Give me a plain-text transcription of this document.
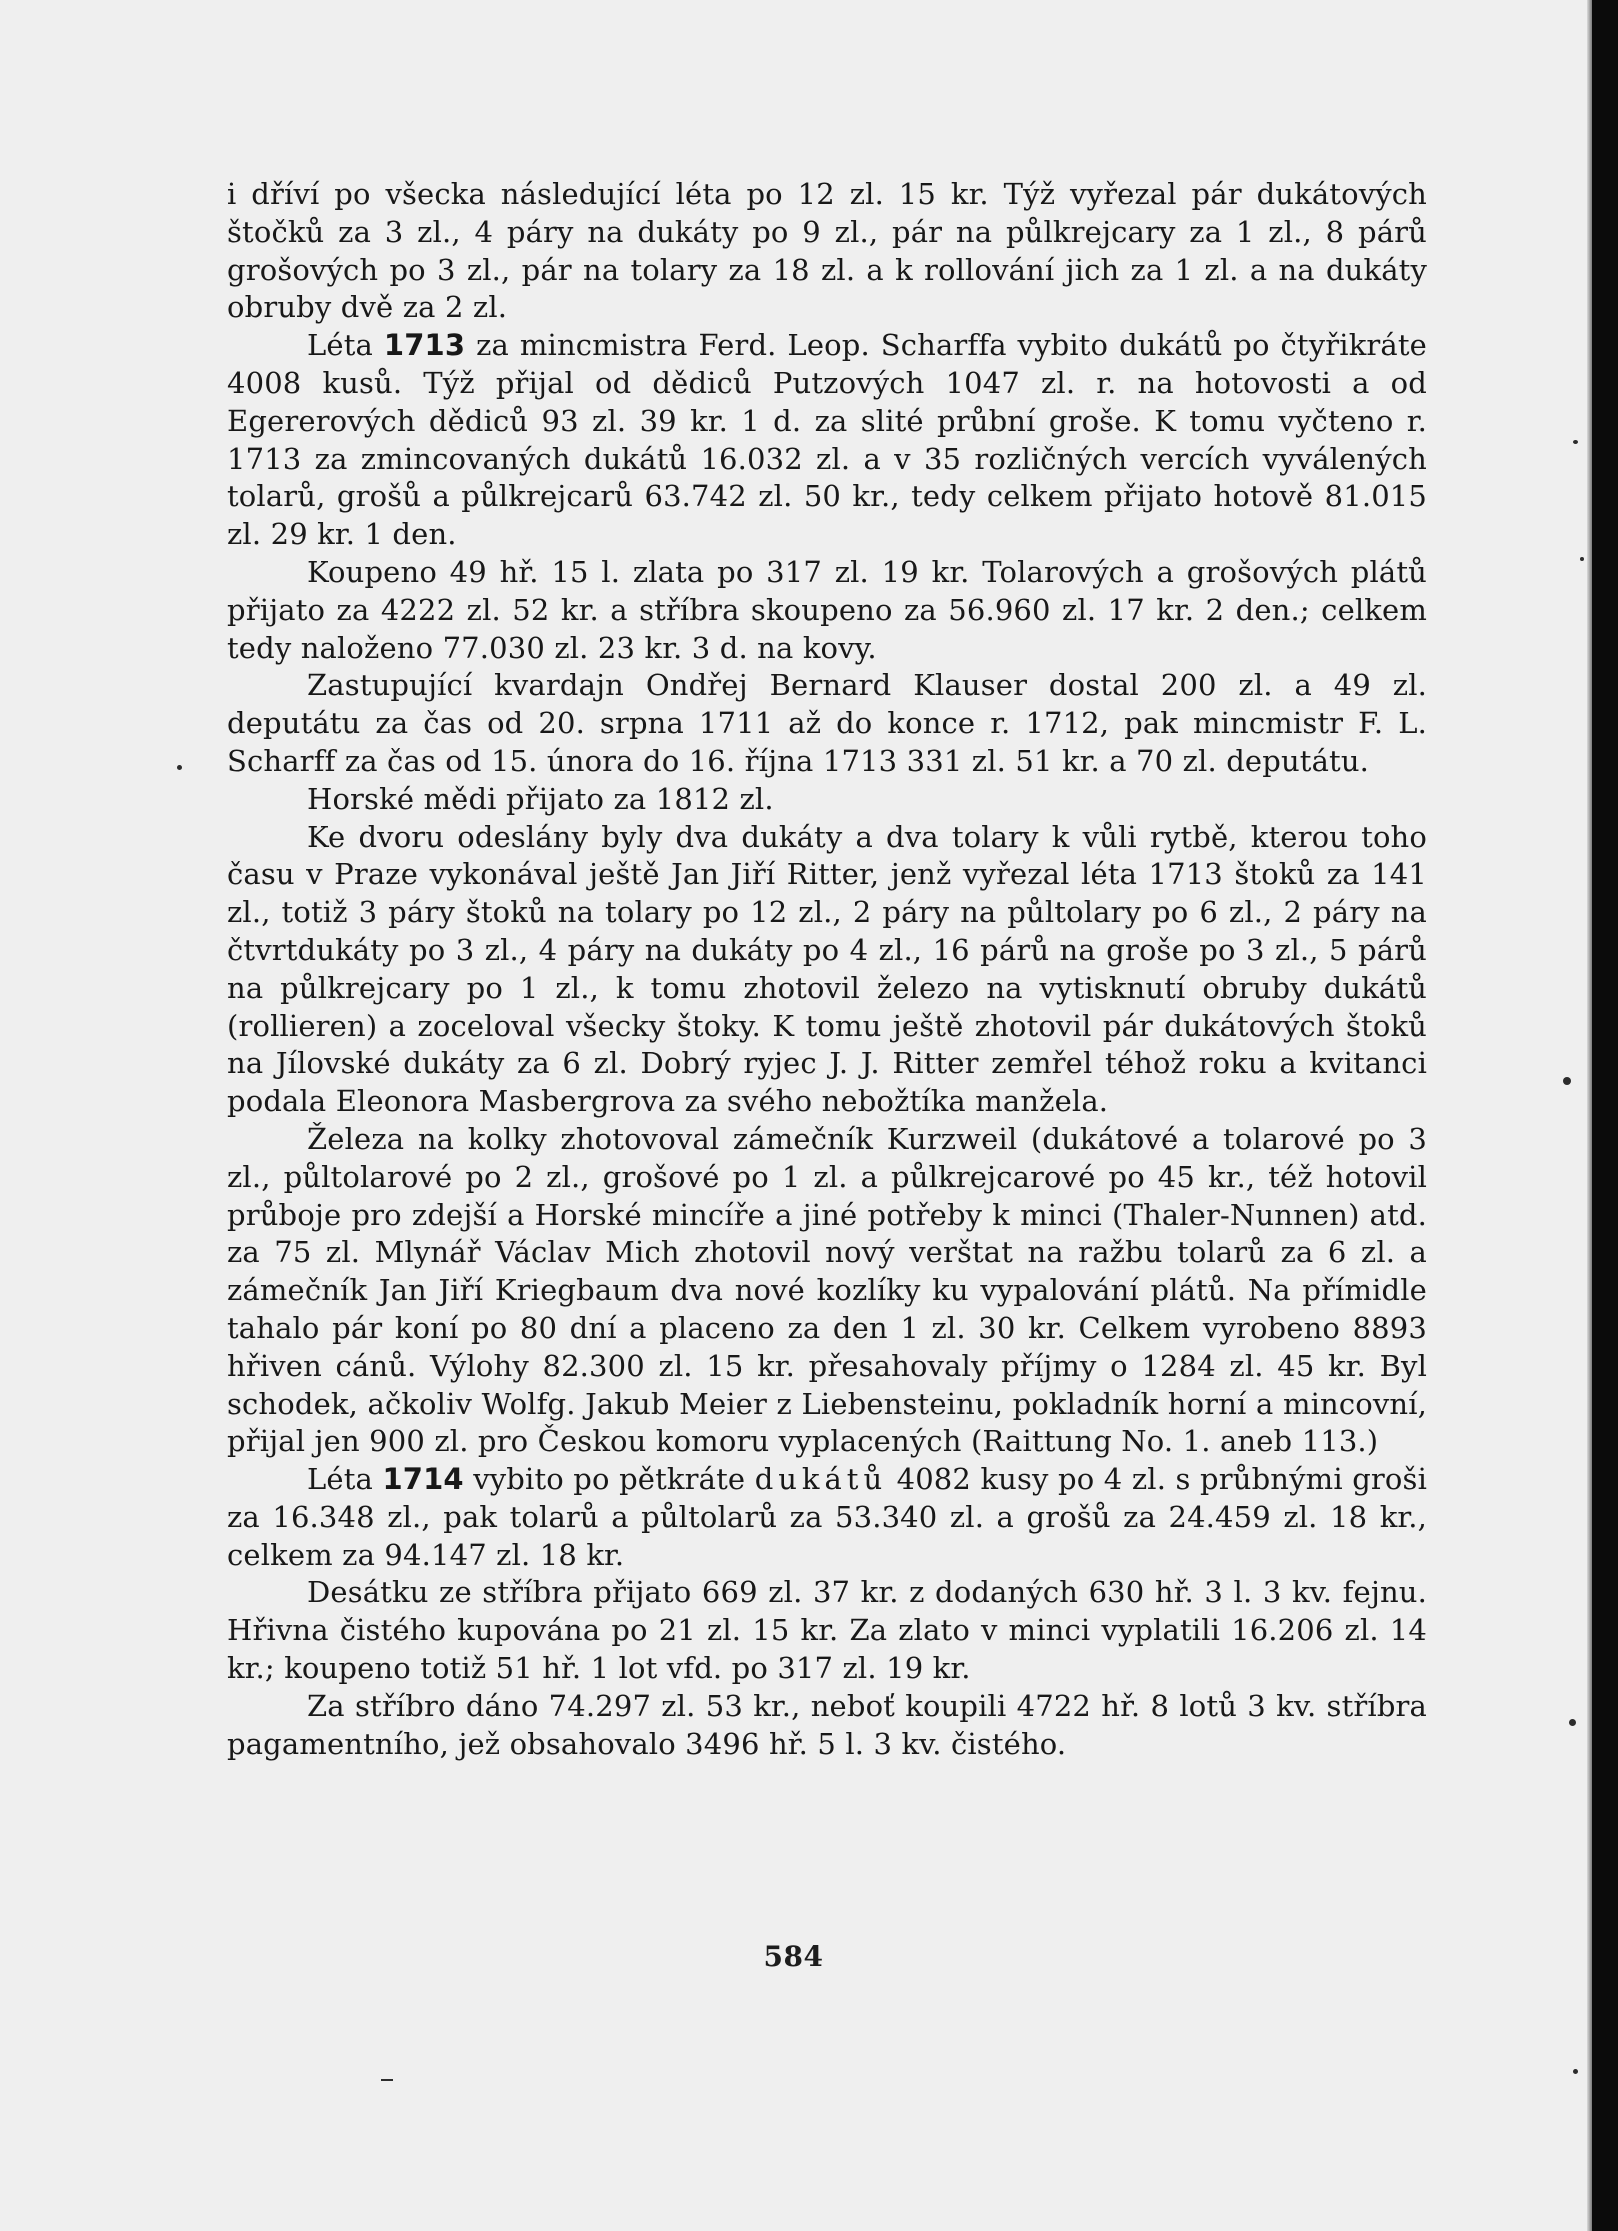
i dříví po všecka následující léta po 12 zl. 15 kr. Týž vyřezal pár dukátových štočků za 3 zl., 4 páry na dukáty po 9 zl., pár na půlkrejcary za 1 zl., 8 párů grošových po 3 zl., pár na tolary za 18 zl. a k rollování jich za 1 zl. a na dukáty obruby dvě za 2 zl.

Léta 1713 za mincmistra Ferd. Leop. Scharffa vybito dukátů po čtyřikráte 4008 kusů. Týž přijal od dědiců Putzových 1047 zl. r. na hotovosti a od Egererových dědiců 93 zl. 39 kr. 1 d. za slité průbní groše. K tomu vyčteno r. 1713 za zmincovaných dukátů 16.032 zl. a v 35 rozličných vercích vyválených tolarů, grošů a půlkrejcarů 63.742 zl. 50 kr., tedy celkem přijato hotově 81.015 zl. 29 kr. 1 den.

Koupeno 49 hř. 15 l. zlata po 317 zl. 19 kr. Tolarových a grošových plátů přijato za 4222 zl. 52 kr. a stříbra skoupeno za 56.960 zl. 17 kr. 2 den.; celkem tedy naloženo 77.030 zl. 23 kr. 3 d. na kovy.

Zastupující kvardajn Ondřej Bernard Klauser dostal 200 zl. a 49 zl. deputátu za čas od 20. srpna 1711 až do konce r. 1712, pak mincmistr F. L. Scharff za čas od 15. února do 16. října 1713 331 zl. 51 kr. a 70 zl. deputátu.

Horské mědi přijato za 1812 zl.

Ke dvoru odeslány byly dva dukáty a dva tolary k vůli rytbě, kterou toho času v Praze vykonával ještě Jan Jiří Ritter, jenž vyřezal léta 1713 štoků za 141 zl., totiž 3 páry štoků na tolary po 12 zl., 2 páry na půltolary po 6 zl., 2 páry na čtvrtdukáty po 3 zl., 4 páry na dukáty po 4 zl., 16 párů na groše po 3 zl., 5 párů na půlkrejcary po 1 zl., k tomu zhotovil železo na vytisknutí obruby dukátů (rollieren) a zoceloval všecky štoky. K tomu ještě zhotovil pár dukátových štoků na Jílovské dukáty za 6 zl. Dobrý ryjec J. J. Ritter zemřel téhož roku a kvitanci podala Eleonora Masbergrova za svého nebožtíka manžela.

Železa na kolky zhotovoval zámečník Kurzweil (dukátové a tolarové po 3 zl., půltolarové po 2 zl., grošové po 1 zl. a půlkrejcarové po 45 kr., též hotovil průboje pro zdejší a Horské mincíře a jiné potřeby k minci (Thaler-Nunnen) atd. za 75 zl. Mlynář Václav Mich zhotovil nový verštat na ražbu tolarů za 6 zl. a zámečník Jan Jiří Kriegbaum dva nové kozlíky ku vypalování plátů. Na přímidle tahalo pár koní po 80 dní a placeno za den 1 zl. 30 kr. Celkem vyrobeno 8893 hřiven cánů. Výlohy 82.300 zl. 15 kr. přesahovaly příjmy o 1284 zl. 45 kr. Byl schodek, ačkoliv Wolfg. Jakub Meier z Liebensteinu, pokladník horní a mincovní, přijal jen 900 zl. pro Českou komoru vyplacených (Raittung No. 1. aneb 113.)

Léta 1714 vybito po pětkráte dukátů 4082 kusy po 4 zl. s průbnými groši za 16.348 zl., pak tolarů a půltolarů za 53.340 zl. a grošů za 24.459 zl. 18 kr., celkem za 94.147 zl. 18 kr.

Desátku ze stříbra přijato 669 zl. 37 kr. z dodaných 630 hř. 3 l. 3 kv. fejnu. Hřivna čistého kupována po 21 zl. 15 kr. Za zlato v minci vyplatili 16.206 zl. 14 kr.; koupeno totiž 51 hř. 1 lot vfd. po 317 zl. 19 kr.

Za stříbro dáno 74.297 zl. 53 kr., neboť koupili 4722 hř. 8 lotů 3 kv. stříbra pagamentního, jež obsahovalo 3496 hř. 5 l. 3 kv. čistého.

584
